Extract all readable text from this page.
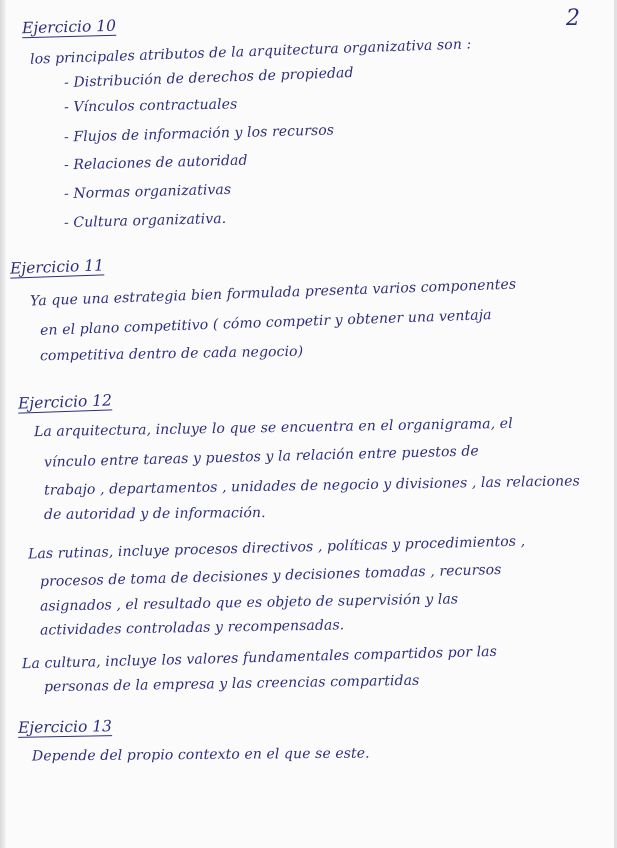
2
Ejercicio 10
los principales atributos de la arquitectura organizativa son :
- Distribución de derechos de propiedad
- Vínculos contractuales
- Flujos de información y los recursos
- Relaciones de autoridad
- Normas organizativas
- Cultura organizativa.
Ejercicio 11
Ya que una estrategia bien formulada presenta varios componentes
en el plano competitivo ( cómo competir y obtener una ventaja
competitiva dentro de cada negocio)
Ejercicio 12
La arquitectura, incluye lo que se encuentra en el organigrama, el
vínculo entre tareas y puestos y la relación entre puestos de
trabajo , departamentos , unidades de negocio y divisiones , las relaciones
de autoridad y de información.
Las rutinas, incluye procesos directivos , políticas y procedimientos ,
procesos de toma de decisiones y decisiones tomadas , recursos
asignados , el resultado que es objeto de supervisión y las
actividades controladas y recompensadas.
La cultura, incluye los valores fundamentales compartidos por las
personas de la empresa y las creencias compartidas
Ejercicio 13
Depende del propio contexto en el que se este.
